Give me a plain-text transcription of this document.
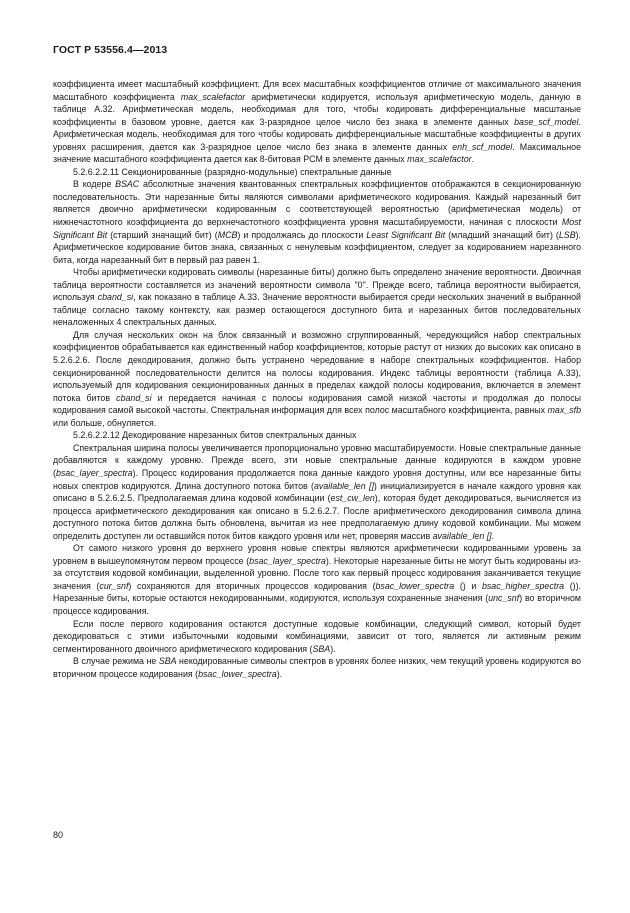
ГОСТ Р 53556.4—2013

коэффициента имеет масштабный коэффициент. Для всех масштабных коэффициентов отличие от максимального значения масштабного коэффициента max_scalefactor арифметически кодируется, используя арифметическую модель, данную в таблице А.32. Арифметическая модель, необходимая для того, чтобы кодировать дифференциальные масштаные коэффициенты в базовом уровне, дается как 3-разрядное целое число без знака в элементе данных base_scf_model. Арифметическая модель, необходимая для того чтобы кодировать дифференциальные масштабные коэффициенты в других уровнях расширения, дается как 3-разрядное целое число без знака в элементе данных enh_scf_model. Максимальное значение масштабного коэффициента дается как 8-битовая PCM в элементе данных max_scalefactor.

5.2.6.2.2.11 Секционированные (разрядно-модульные) спектральные данные

В кодере BSAC абсолютные значения квантованных спектральных коэффициентов отображаются в секционированную последовательность. Эти нарезанные биты являются символами арифметического кодирования. Каждый нарезанный бит является двоично арифметически кодированным с соответствующей вероятностью (арифметическая модель) от нижнечастотного коэффициента до верхнечастотного коэффициента уровня масштабируемости, начиная с плоскости Most Significant Bit (старший значащий бит) (MCB) и продолжаясь до плоскости Least Significant Bit (младший значащий бит) (LSB). Арифметическое кодирование битов знака, связанных с ненулевым коэффициентом, следует за кодированием нарезанного бита, когда нарезанный бит в первый раз равен 1.

Чтобы арифметически кодировать символы (нарезанные биты) должно быть определено значение вероятности. Двоичная таблица вероятности составляется из значений вероятности символа "0". Прежде всего, таблица вероятности выбирается, используя cband_si, как показано в таблице А.33. Значение вероятности выбирается среди нескольких значений в выбранной таблице согласно такому контексту, как размер остающегося доступного бита и нарезанных битов последовательных неналоженных 4 спектральных данных.

Для случая нескольких окон на блок связанный и возможно сгруппированный, чередующийся набор спектральных коэффициентов обрабатывается как единственный набор коэффициентов, которые растут от низких до высоких как описано в 5.2.6.2.6. После декодирования, должно быть устранено чередование в наборе спектральных коэффициентов. Набор секционированной последовательности делится на полосы кодирования. Индекс таблицы вероятности (таблица А.33), используемый для кодирования секционированных данных в пределах каждой полосы кодирования, включается в элемент потока битов cband_si и передается начиная с полосы кодирования самой низкой частоты и продолжая до полосы кодирования самой высокой частоты. Спектральная информация для всех полос масштабного коэффициента, равных max_sfb или больше, обнуляется.

5.2.6.2.2.12 Декодирование нарезанных битов спектральных данных

Спектральная ширина полосы увеличивается пропорционально уровню масштабируемости. Новые спектральные данные добавляются к каждому уровню. Прежде всего, эти новые спектральные данные кодируются в каждом уровне (bsac_layer_spectra). Процесс кодирования продолжается пока данные каждого уровня доступны, или все нарезанные биты новых спектров кодируются. Длина доступного потока битов (available_len []) инициализируется в начале каждого уровня как описано в 5.2.6.2.5. Предполагаемая длина кодовой комбинации (est_cw_len), которая будет декодироваться, вычисляется из процесса арифметического декодирования как описано в 5.2.6.2.7. После арифметического декодирования символа длина доступного потока битов должна быть обновлена, вычитая из нее предполагаемую длину кодовой комбинации. Мы можем определить доступен ли оставшийся поток битов каждого уровня или нет, проверяя массив available_len [].

От самого низкого уровня до верхнего уровня новые спектры являются арифметически кодированными уровень за уровнем в вышеупомянутом первом процессе (bsac_layer_spectra). Некоторые нарезанные биты не могут быть кодированы из-за отсутствия кодовой комбинации, выделенной уровню. После того как первый процесс кодирования заканчивается текущие значения (cur_snf) сохраняются для вторичных процессов кодирования (bsac_lower_spectra () и bsac_higher_spectra ()). Нарезанные биты, которые остаются некодированными, кодируются, используя сохраненные значения (unc_snf) во вторичном процессе кодирования.

Если после первого кодирования остаются доступные кодовые комбинации, следующий символ, который будет декодироваться с этими избыточными кодовыми комбинациями, зависит от того, является ли активным режим сегментированного двоичного арифметического кодирования (SBA).

В случае режима не SBA некодированные символы спектров в уровнях более низких, чем текущий уровень кодируются во вторичном процессе кодирования (bsac_lower_spectra).

80
